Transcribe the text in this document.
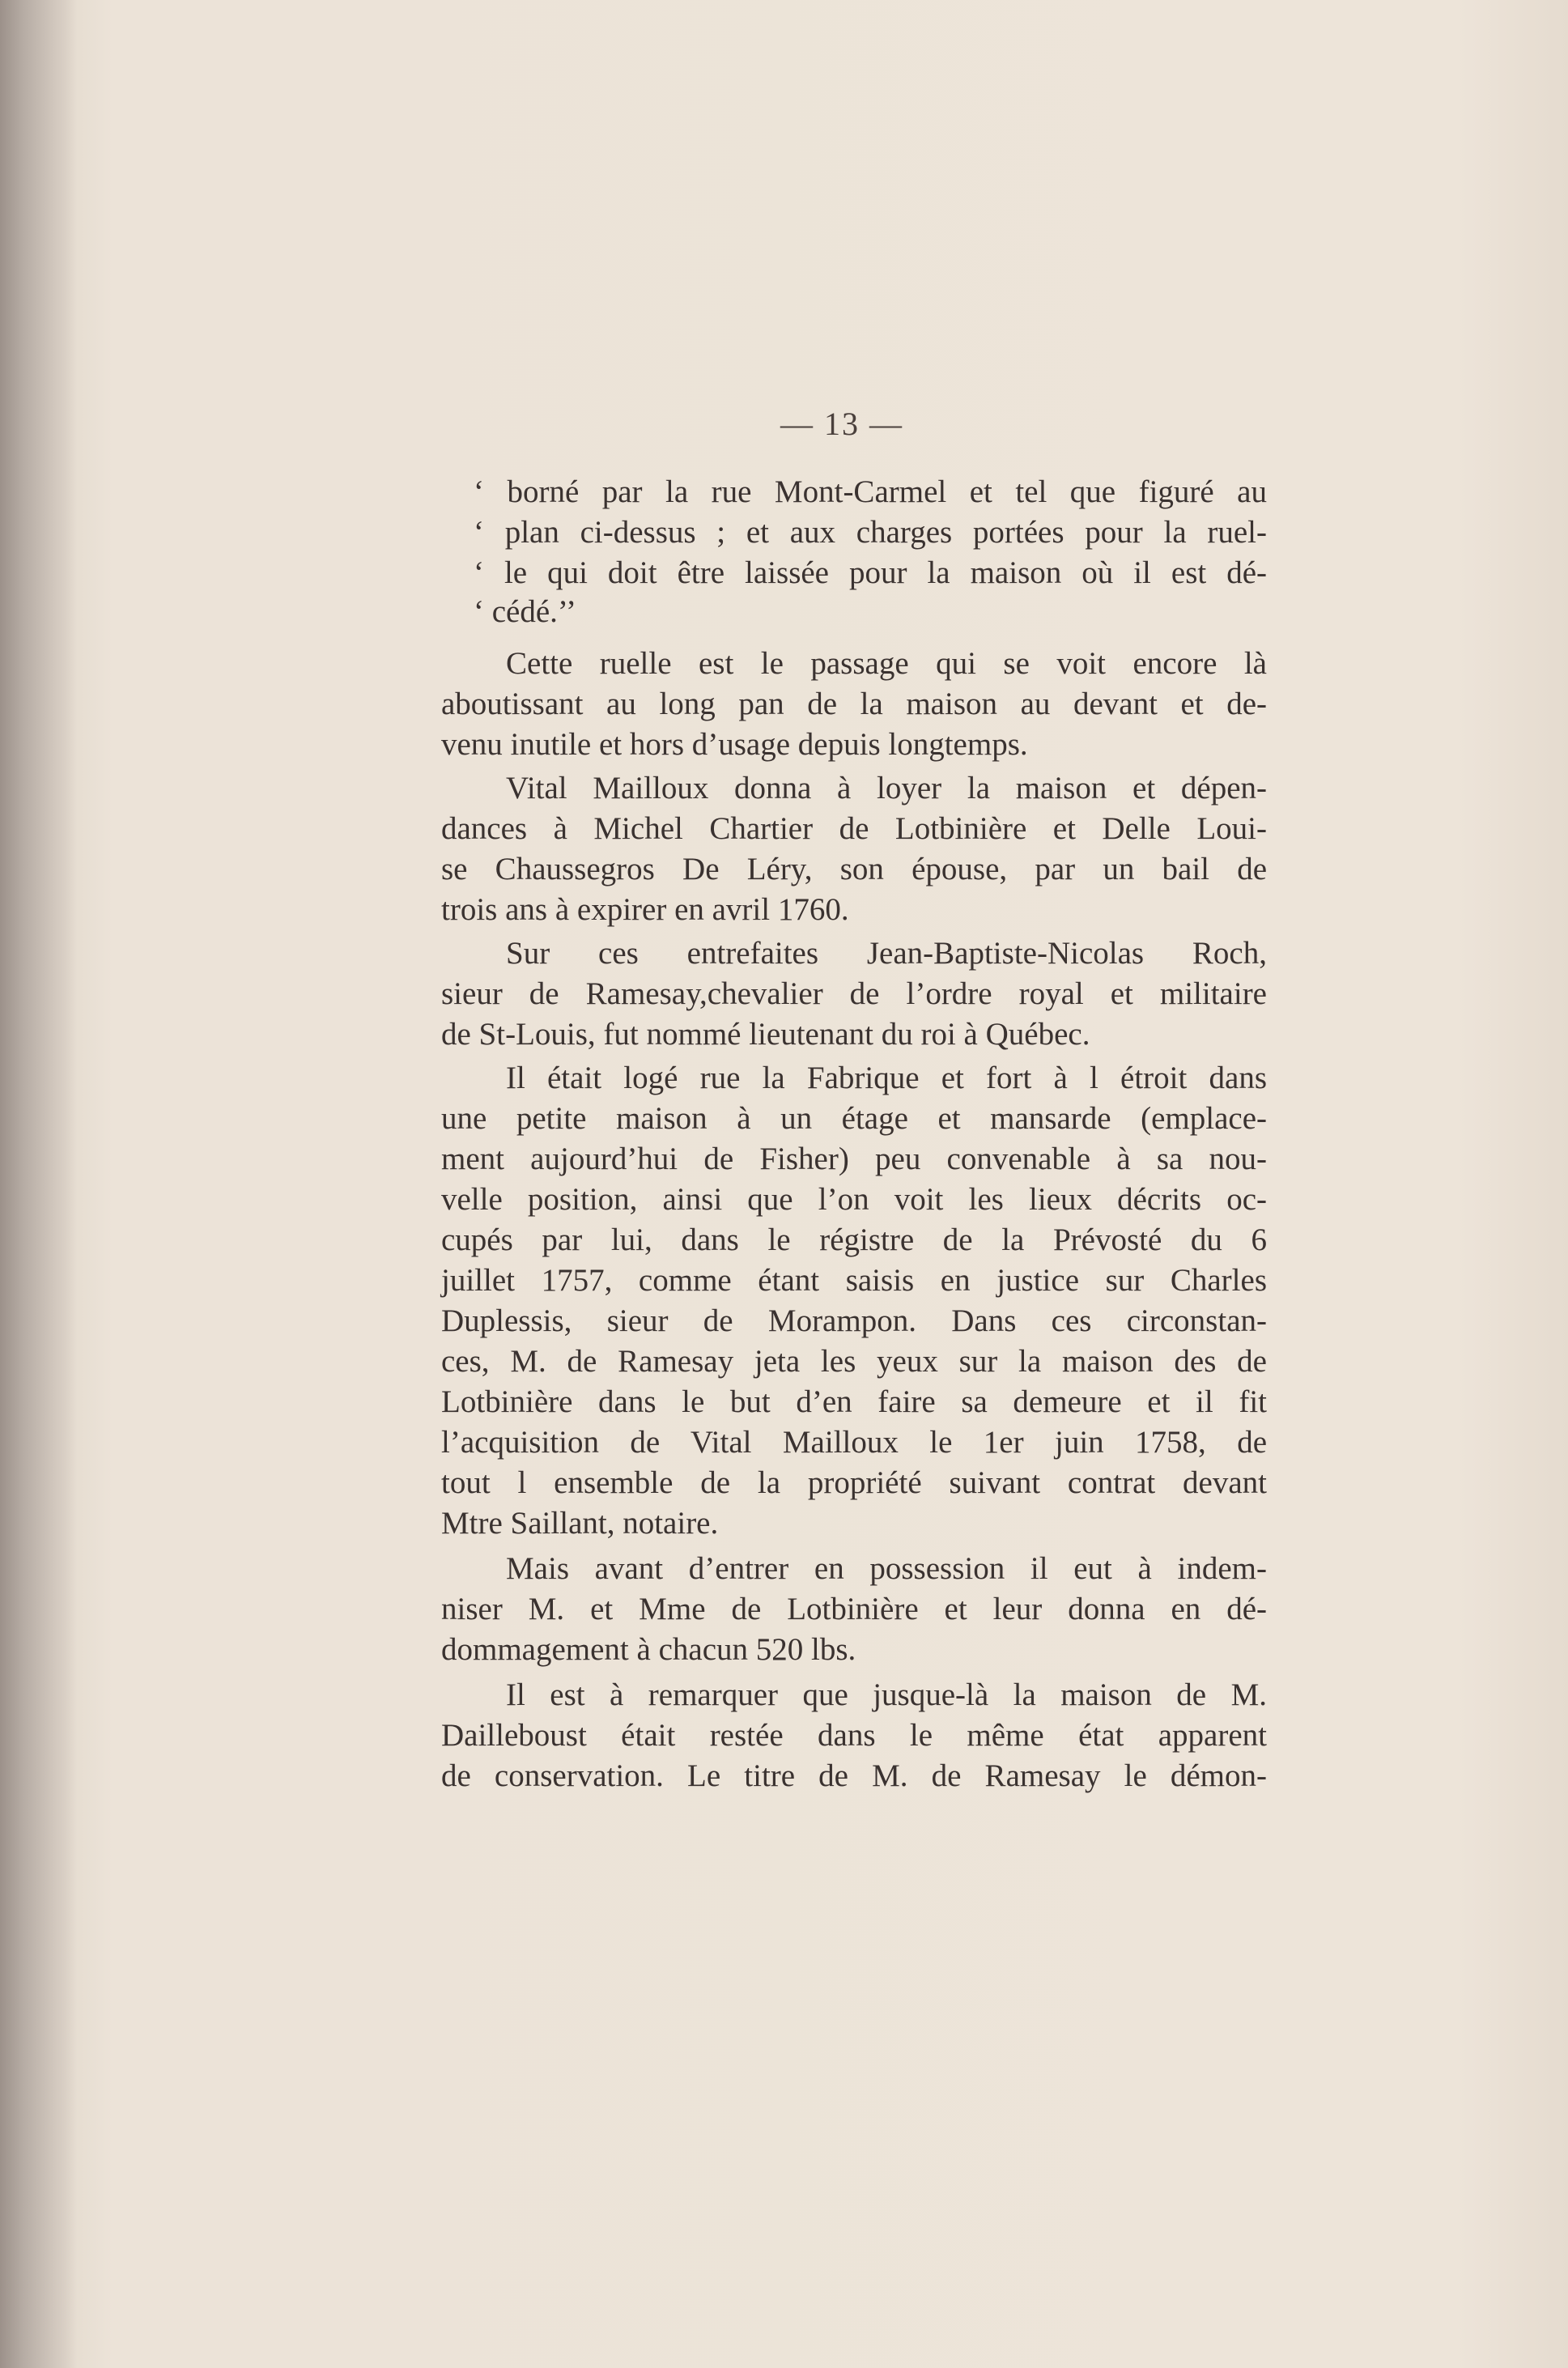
— 13 —
‘ borné par la rue Mont-Carmel et tel que figuré au
‘ plan ci-dessus ; et aux charges portées pour la ruel-
‘ le qui doit être laissée pour la maison où il est dé-
‘ cédé.’’
Cette ruelle est le passage qui se voit encore là
aboutissant au long pan de la maison au devant et de-
venu inutile et hors d’usage depuis longtemps.
Vital Mailloux donna à loyer la maison et dépen-
dances à Michel Chartier de Lotbinière et Delle Loui-
se Chaussegros De Léry, son épouse, par un bail de
trois ans à expirer en avril 1760.
Sur ces entrefaites Jean-Baptiste-Nicolas Roch,
sieur de Ramesay,chevalier de l’ordre royal et militaire
de St-Louis, fut nommé lieutenant du roi à Québec.
Il était logé rue la Fabrique et fort à l étroit dans
une petite maison à un étage et mansarde (emplace-
ment aujourd’hui de Fisher) peu convenable à sa nou-
velle position, ainsi que l’on voit les lieux décrits oc-
cupés par lui, dans le régistre de la Prévosté du 6
juillet 1757, comme étant saisis en justice sur Charles
Duplessis, sieur de Morampon. Dans ces circonstan-
ces, M. de Ramesay jeta les yeux sur la maison des de
Lotbinière dans le but d’en faire sa demeure et il fit
l’acquisition de Vital Mailloux le 1er juin 1758, de
tout l ensemble de la propriété suivant contrat devant
Mtre Saillant, notaire.
Mais avant d’entrer en possession il eut à indem-
niser M. et Mme de Lotbinière et leur donna en dé-
dommagement à chacun 520 lbs.
Il est à remarquer que jusque-là la maison de M.
Dailleboust était restée dans le même état apparent
de conservation. Le titre de M. de Ramesay le démon-
